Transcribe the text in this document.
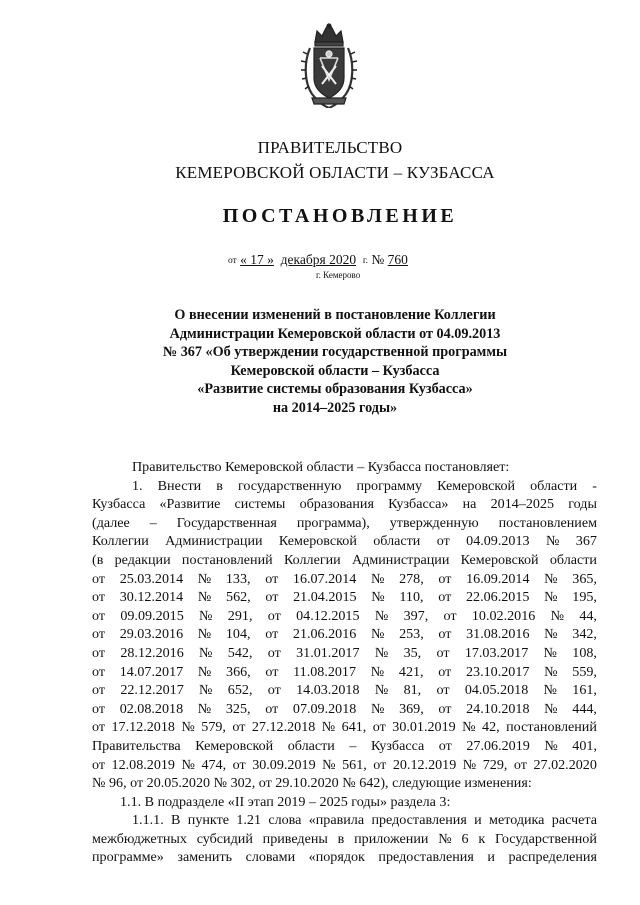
ПРАВИТЕЛЬСТВО
КЕМЕРОВСКОЙ ОБЛАСТИ – КУЗБАССА
ПОСТАНОВЛЕНИЕ
от « 17 » декабря 2020 г. № 760
г. Кемерово
О внесении изменений в постановление Коллегии
Администрации Кемеровской области от 04.09.2013
№ 367 «Об утверждении государственной программы
Кемеровской области – Кузбасса
«Развитие системы образования Кузбасса»
на 2014–2025 годы»
Правительство Кемеровской области – Кузбасса постановляет:
1. Внести в государственную программу Кемеровской области -
Кузбасса «Развитие системы образования Кузбасса» на 2014–2025 годы
(далее – Государственная программа), утвержденную постановлением
Коллегии Администрации Кемеровской области от 04.09.2013 № 367
(в редакции постановлений Коллегии Администрации Кемеровской области
от 25.03.2014 № 133, от 16.07.2014 № 278, от 16.09.2014 № 365,
от 30.12.2014 № 562, от 21.04.2015 № 110, от 22.06.2015 № 195,
от 09.09.2015 № 291, от 04.12.2015 № 397, от 10.02.2016 № 44,
от 29.03.2016 № 104, от 21.06.2016 № 253, от 31.08.2016 № 342,
от 28.12.2016 № 542, от 31.01.2017 № 35, от 17.03.2017 № 108,
от 14.07.2017 № 366, от 11.08.2017 № 421, от 23.10.2017 № 559,
от 22.12.2017 № 652, от 14.03.2018 № 81, от 04.05.2018 № 161,
от 02.08.2018 № 325, от 07.09.2018 № 369, от 24.10.2018 № 444,
от 17.12.2018 № 579, от 27.12.2018 № 641, от 30.01.2019 № 42, постановлений
Правительства Кемеровской области – Кузбасса от 27.06.2019 № 401,
от 12.08.2019 № 474, от 30.09.2019 № 561, от 20.12.2019 № 729, от 27.02.2020
№ 96, от 20.05.2020 № 302, от 29.10.2020 № 642), следующие изменения:
1.1. В подразделе «II этап 2019 – 2025 годы» раздела 3:
1.1.1. В пункте 1.21 слова «правила предоставления и методика расчета
межбюджетных субсидий приведены в приложении № 6 к Государственной
программе» заменить словами «порядок предоставления и распределения
